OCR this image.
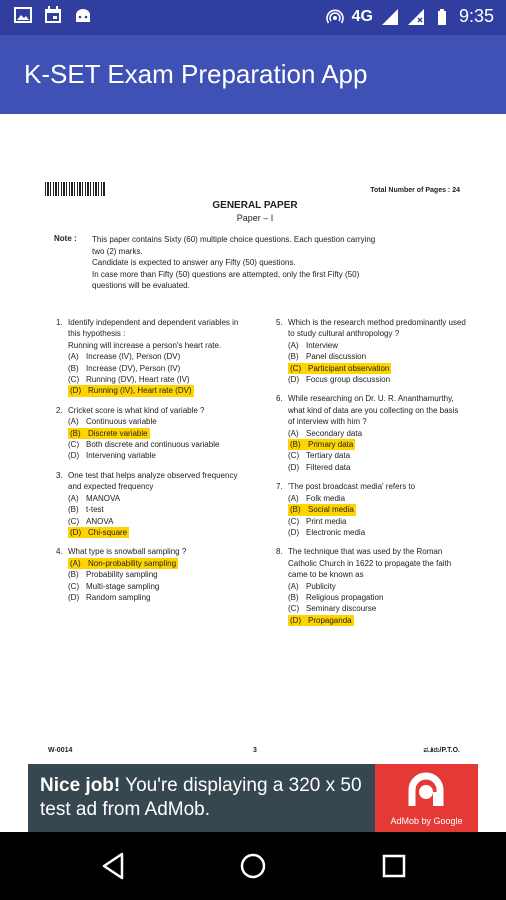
4G	9:35
K-SET Exam Preparation App
Total Number of Pages : 24
GENERAL PAPER
Paper – I
Note : This paper contains Sixty (60) multiple choice questions. Each question carrying
two (2) marks.
Candidate is expected to answer any Fifty (50) questions.
In case more than Fifty (50) questions are attempted, only the first Fifty (50)
questions will be evaluated.
1. Identify independent and dependent variables in this hypothesis :
Running will increase a person's heart rate.
(A) Increase (IV), Person (DV)
(B) Increase (DV), Person (IV)
(C) Running (DV), Heart rate (IV)
(D) Running (IV), Heart rate (DV)
2. Cricket score is what kind of variable ?
(A) Continuous variable
(B) Discrete variable
(C) Both discrete and continuous variable
(D) Intervening variable
3. One test that helps analyze observed frequency and expected frequency
(A) MANOVA
(B) t-test
(C) ANOVA
(D) Chi-square
4. What type is snowball sampling ?
(A) Non-probability sampling
(B) Probability sampling
(C) Multi-stage sampling
(D) Random sampling
5. Which is the research method predominantly used to study cultural anthropology ?
(A) Interview
(B) Panel discussion
(C) Participant observation
(D) Focus group discussion
6. While researching on Dr. U. R. Ananthamurthy, what kind of data are you collecting on the basis of interview with him ?
(A) Secondary data
(B) Primary data
(C) Tertiary data
(D) Filtered data
7. 'The post broadcast media' refers to
(A) Folk media
(B) Social media
(C) Print media
(D) Electronic media
8. The technique that was used by the Roman Catholic Church in 1622 to propagate the faith came to be known as
(A) Publicity
(B) Religious propagation
(C) Seminary discourse
(D) Propaganda
W-0014	3	ಪ.ತಿರು/P.T.O.
Nice job! You're displaying a 320 x 50 test ad from AdMob.
AdMob by Google
